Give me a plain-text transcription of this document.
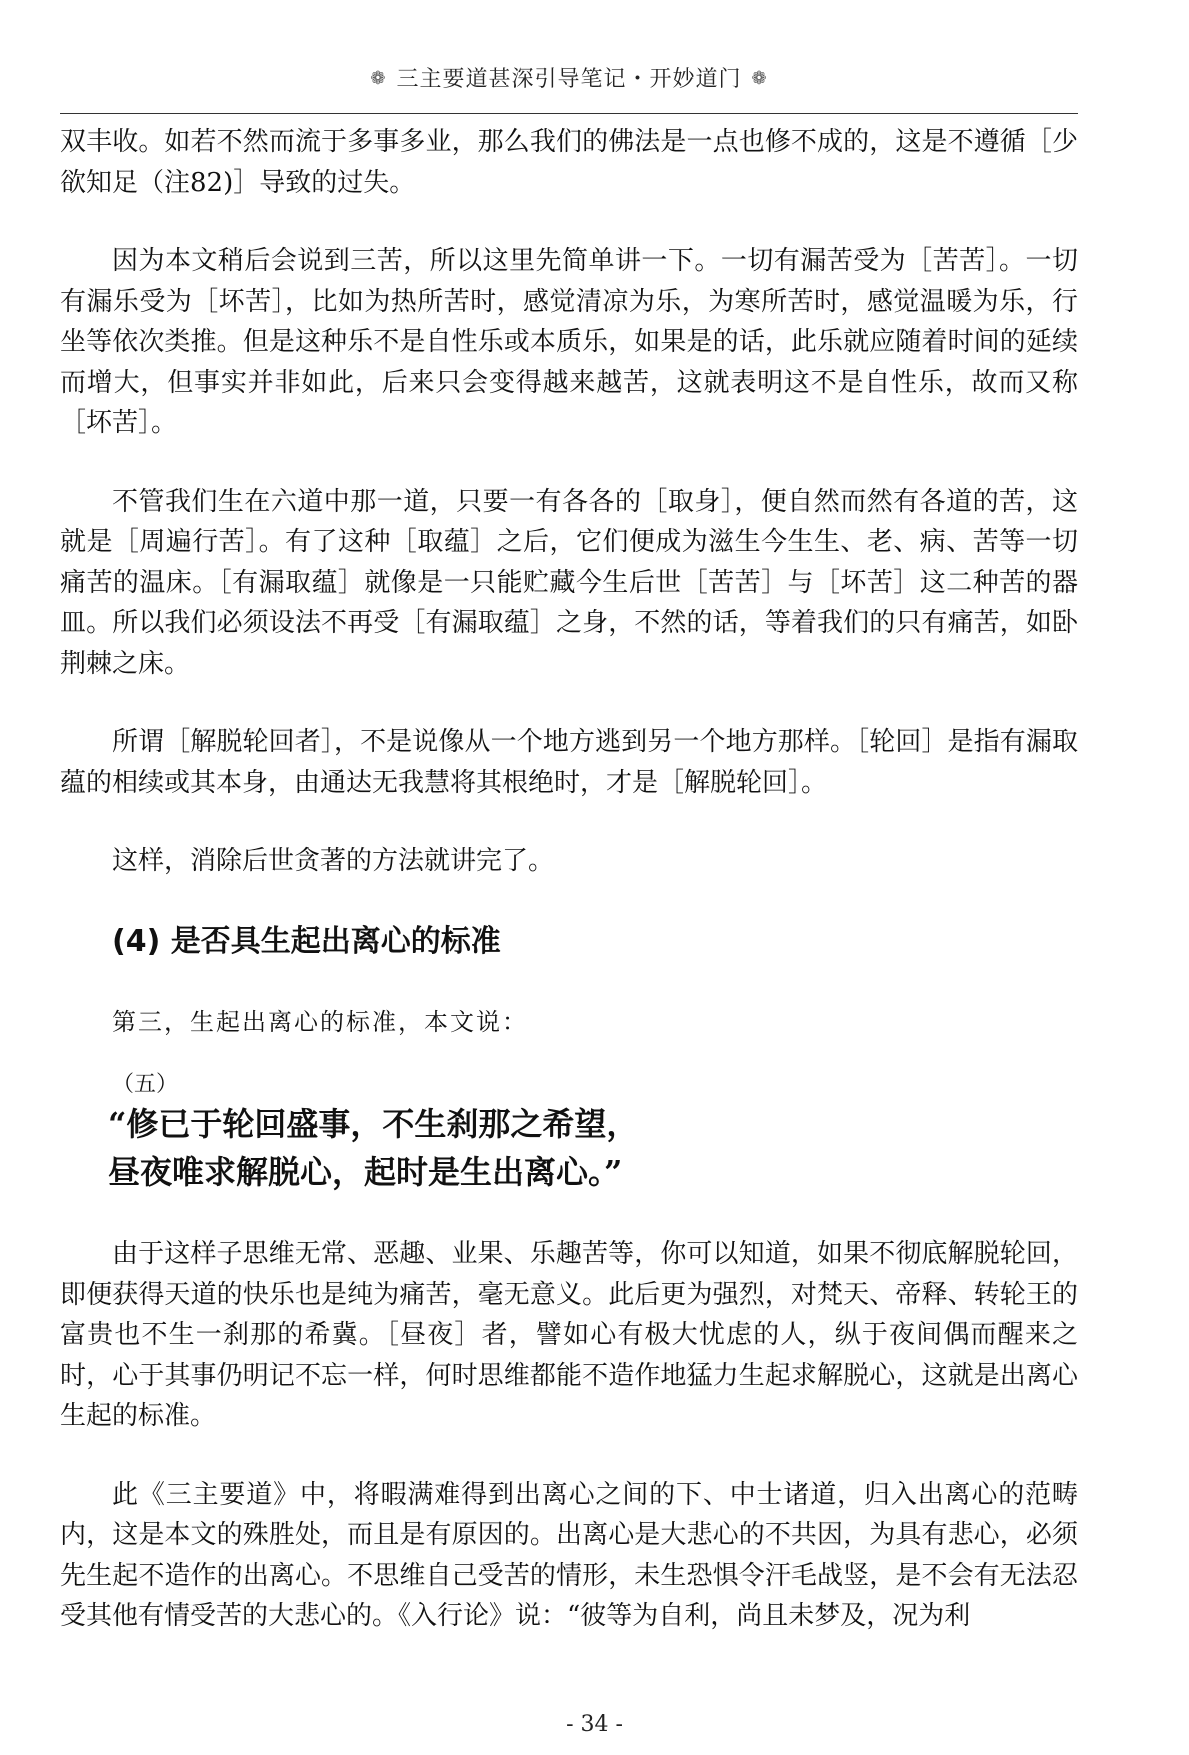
❁ 三主要道甚深引导笔记・开妙道门 ❁

双丰收。如若不然而流于多事多业，那么我们的佛法是一点也修不成的，这是不遵循［少欲知足（注82)］导致的过失。

因为本文稍后会说到三苦，所以这里先简单讲一下。一切有漏苦受为［苦苦］。一切有漏乐受为［坏苦］，比如为热所苦时，感觉清凉为乐，为寒所苦时，感觉温暖为乐，行坐等依次类推。但是这种乐不是自性乐或本质乐，如果是的话，此乐就应随着时间的延续而增大，但事实并非如此，后来只会变得越来越苦，这就表明这不是自性乐，故而又称［坏苦］。

不管我们生在六道中那一道，只要一有各各的［取身］，便自然而然有各道的苦，这就是［周遍行苦］。有了这种［取蕴］之后，它们便成为滋生今生生、老、病、苦等一切痛苦的温床。［有漏取蕴］就像是一只能贮藏今生后世［苦苦］与［坏苦］这二种苦的器皿。所以我们必须设法不再受［有漏取蕴］之身，不然的话，等着我们的只有痛苦，如卧荆棘之床。

所谓［解脱轮回者］，不是说像从一个地方逃到另一个地方那样。［轮回］是指有漏取蕴的相续或其本身，由通达无我慧将其根绝时，才是［解脱轮回］。

这样，消除后世贪著的方法就讲完了。

(4) 是否具生起出离心的标准

第三，生起出离心的标准，本文说：

（五）

“修已于轮回盛事，不生刹那之希望，

昼夜唯求解脱心，起时是生出离心。”

由于这样子思维无常、恶趣、业果、乐趣苦等，你可以知道，如果不彻底解脱轮回，即便获得天道的快乐也是纯为痛苦，毫无意义。此后更为强烈，对梵天、帝释、转轮王的富贵也不生一刹那的希冀。［昼夜］者，譬如心有极大忧虑的人，纵于夜间偶而醒来之时，心于其事仍明记不忘一样，何时思维都能不造作地猛力生起求解脱心，这就是出离心生起的标准。

此《三主要道》中，将暇满难得到出离心之间的下、中士诸道，归入出离心的范畴内，这是本文的殊胜处，而且是有原因的。出离心是大悲心的不共因，为具有悲心，必须先生起不造作的出离心。不思维自己受苦的情形，未生恐惧令汗毛战竖，是不会有无法忍受其他有情受苦的大悲心的。《入行论》说：“彼等为自利，尚且未梦及，况为利

- 34 -
